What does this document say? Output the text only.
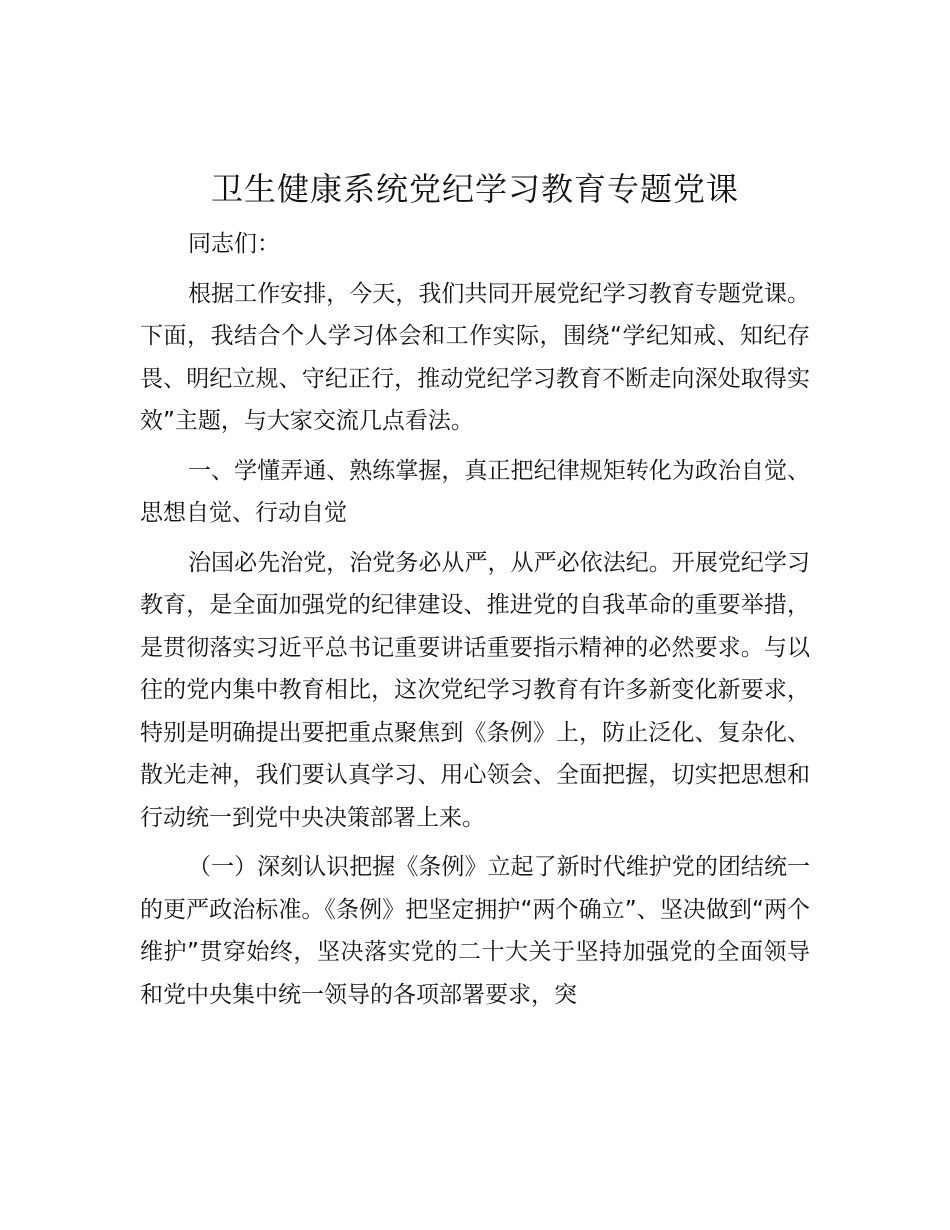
卫生健康系统党纪学习教育专题党课

同志们：

根据工作安排，今天，我们共同开展党纪学习教育专题党课。下面，我结合个人学习体会和工作实际，围绕“学纪知戒、知纪存畏、明纪立规、守纪正行，推动党纪学习教育不断走向深处取得实效”主题，与大家交流几点看法。

一、学懂弄通、熟练掌握，真正把纪律规矩转化为政治自觉、思想自觉、行动自觉

治国必先治党，治党务必从严，从严必依法纪。开展党纪学习教育，是全面加强党的纪律建设、推进党的自我革命的重要举措，是贯彻落实习近平总书记重要讲话重要指示精神的必然要求。与以往的党内集中教育相比，这次党纪学习教育有许多新变化新要求，特别是明确提出要把重点聚焦到《条例》上，防止泛化、复杂化、散光走神，我们要认真学习、用心领会、全面把握，切实把思想和行动统一到党中央决策部署上来。

（一）深刻认识把握《条例》立起了新时代维护党的团结统一的更严政治标准。《条例》把坚定拥护“两个确立”、坚决做到“两个维护”贯穿始终，坚决落实党的二十大关于坚持加强党的全面领导和党中央集中统一领导的各项部署要求，突
